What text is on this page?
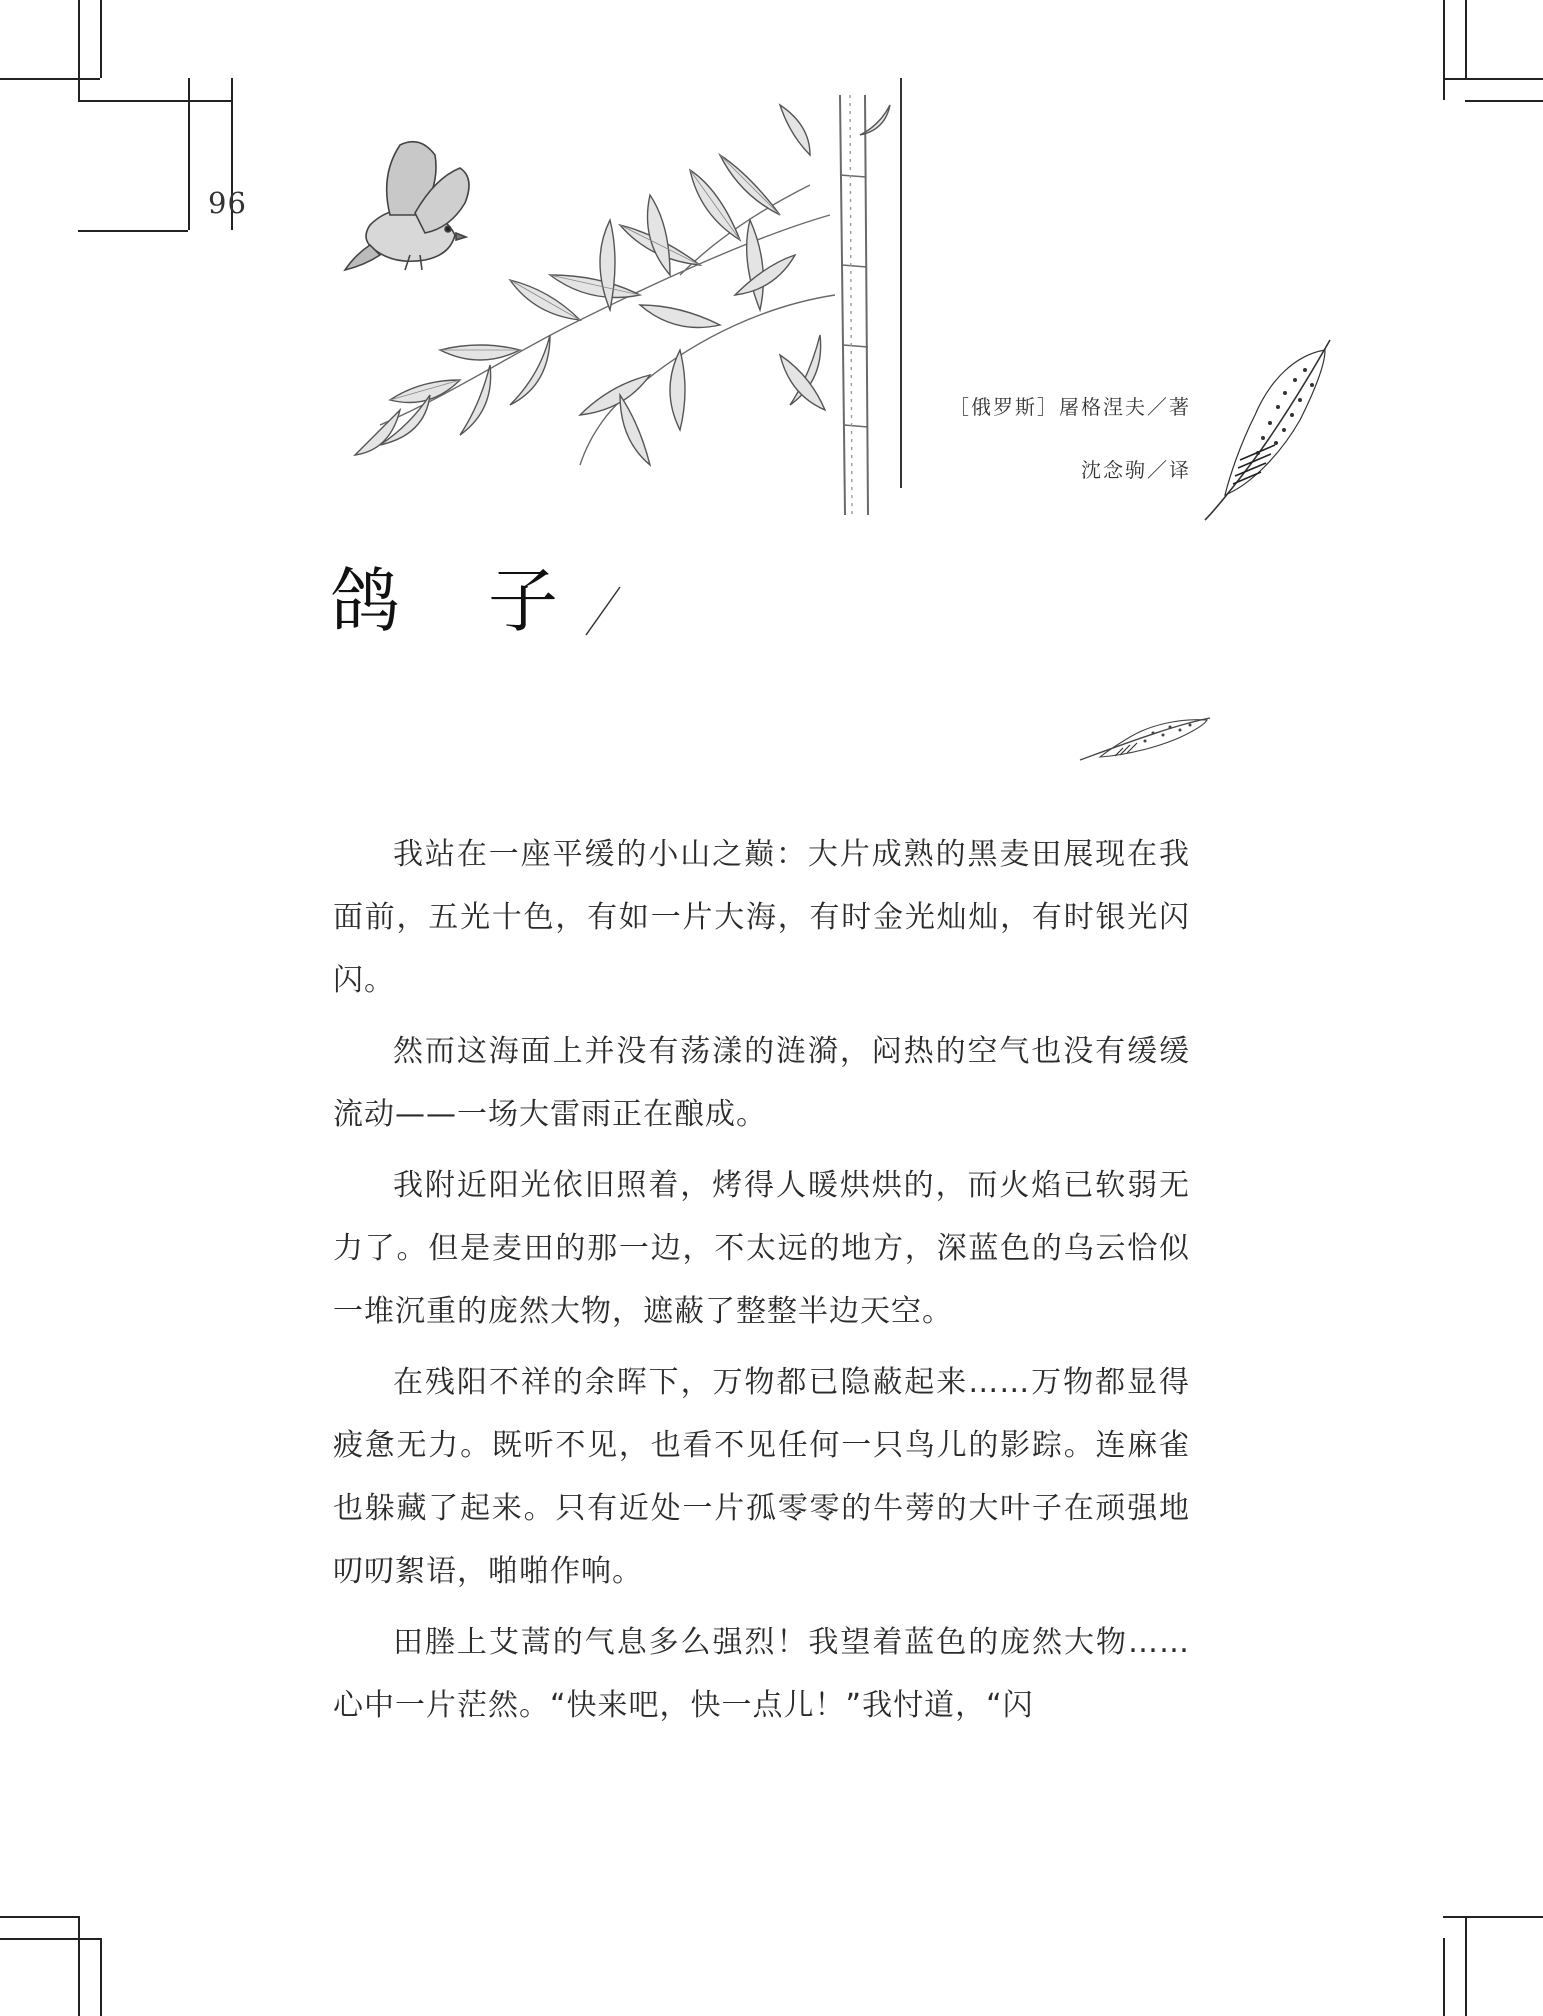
96
［俄罗斯］屠格涅夫／著
沈念驹／译
鸽子

我站在一座平缓的小山之巅：大片成熟的黑麦田展现在我面前，五光十色，有如一片大海，有时金光灿灿，有时银光闪闪。

然而这海面上并没有荡漾的涟漪，闷热的空气也没有缓缓流动——一场大雷雨正在酿成。

我附近阳光依旧照着，烤得人暖烘烘的，而火焰已软弱无力了。但是麦田的那一边，不太远的地方，深蓝色的乌云恰似一堆沉重的庞然大物，遮蔽了整整半边天空。

在残阳不祥的余晖下，万物都已隐蔽起来……万物都显得疲惫无力。既听不见，也看不见任何一只鸟儿的影踪。连麻雀也躲藏了起来。只有近处一片孤零零的牛蒡的大叶子在顽强地叨叨絮语，啪啪作响。

田塍上艾蒿的气息多么强烈！我望着蓝色的庞然大物……心中一片茫然。“快来吧，快一点儿！”我忖道，“闪
